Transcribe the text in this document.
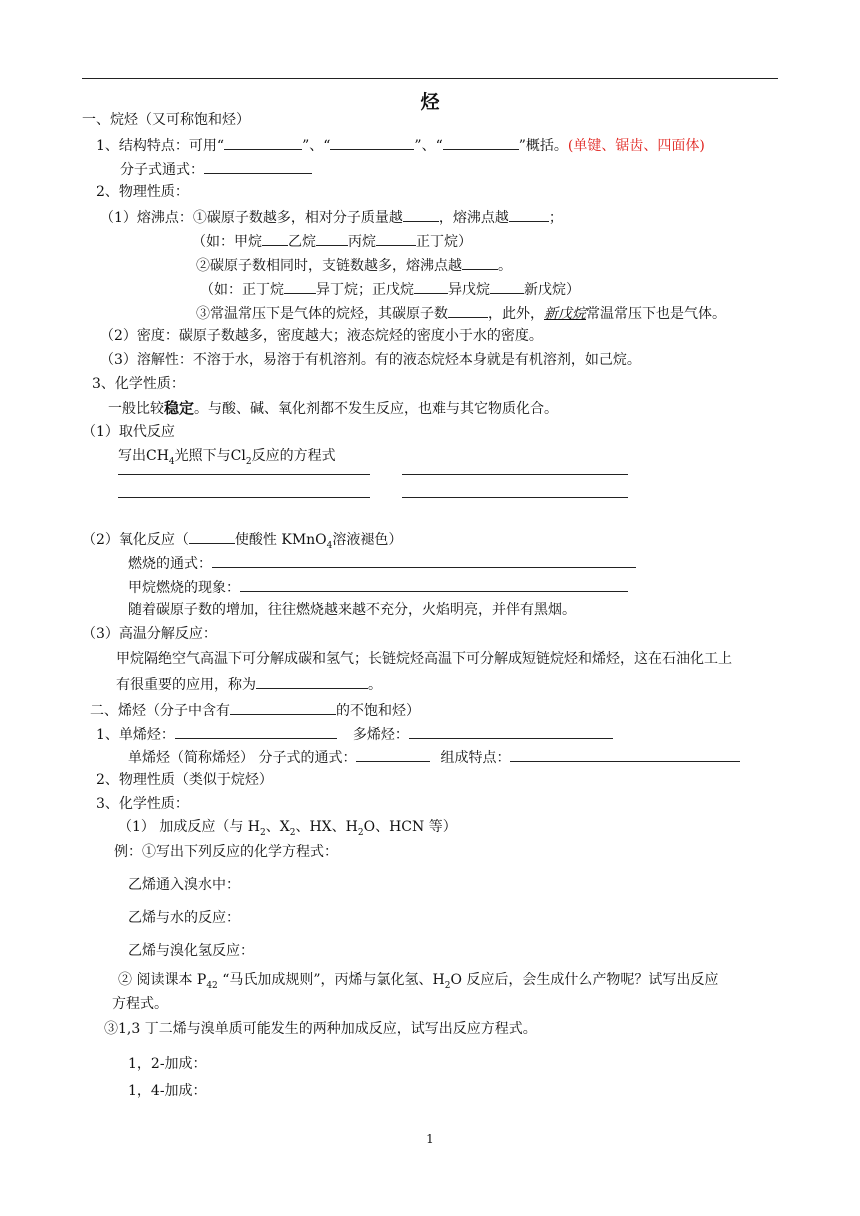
烃
一、烷烃（又可称饱和烃）
1、结构特点：可用“	”、“	”、“	”概括。(单键、锯齿、四面体)
分子式通式：
2、物理性质：
（1）熔沸点：①碳原子数越多，相对分子质量越	，熔沸点越	；
（如：甲烷 乙烷 丙烷	正丁烷）
②碳原子数相同时，支链数越多，熔沸点越	。
（如：正丁烷 异丁烷；正戊烷 异戊烷 新戊烷）
③常温常压下是气体的烷烃，其碳原子数	，此外，新戊烷常温常压下也是气体。
（2）密度：碳原子数越多，密度越大；液态烷烃的密度小于水的密度。
（3）溶解性：不溶于水，易溶于有机溶剂。有的液态烷烃本身就是有机溶剂，如己烷。
3、化学性质：
一般比较稳定。与酸、碱、氧化剂都不发生反应，也难与其它物质化合。
（1）取代反应
写出$CH_4$光照下与$Cl_2$反应的方程式
（2）氧化反应（	使酸性 KMnO$_4$溶液褪色）
燃烧的通式：
甲烷燃烧的现象：
随着碳原子数的增加，往往燃烧越来越不充分，火焰明亮，并伴有黑烟。
（3）高温分解反应：
甲烷隔绝空气高温下可分解成碳和氢气；长链烷烃高温下可分解成短链烷烃和烯烃，这在石油化工上
有很重要的应用，称为	。
二、烯烃（分子中含有	的不饱和烃）
1、单烯烃：	多烯烃：
单烯烃（简称烯烃） 分子式的通式：	组成特点：
2、物理性质（类似于烷烃）
3、化学性质：
（1） 加成反应（与 $H_2$、$X_2$、HX、$H_2O$、HCN 等）
例：①写出下列反应的化学方程式：
乙烯通入溴水中：
乙烯与水的反应：
乙烯与溴化氢反应：
② 阅读课本 $P_{42}$ “马氏加成规则”，丙烯与氯化氢、$H_2O$ 反应后，会生成什么产物呢？试写出反应
方程式。
③1,3 丁二烯与溴单质可能发生的两种加成反应，试写出反应方程式。
1，2-加成：
1，4-加成：
1
